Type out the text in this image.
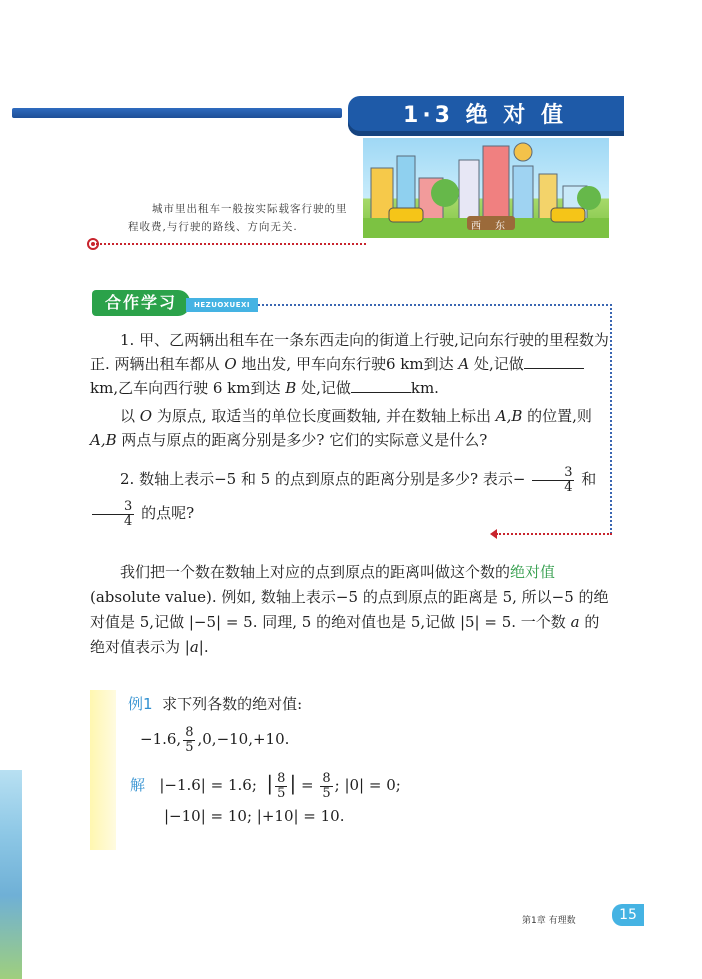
1·3 绝 对 值
西 东

城市里出租车一般按实际载客行驶的里程收费,与行驶的路线、方向无关.

合作学习	HEZUOXUEXI
1. 甲、乙两辆出租车在一条东西走向的街道上行驶,记向东行驶的里程数为正. 两辆出租车都从 O 地出发, 甲车向东行驶6 km到达 A 处,记做km,乙车向西行驶 6 km到达 B 处,记做	km.
以 O 为原点, 取适当的单位长度画数轴, 并在数轴上标出 A,B 的位置,则 A,B 两点与原点的距离分别是多少? 它们的实际意义是什么?
2. 数轴上表示−5 和 5 的点到原点的距离分别是多少? 表示− $\frac{3}{4}$ 和
$\frac{3}{4}$ 的点呢?
我们把一个数在数轴上对应的点到原点的距离叫做这个数的绝对值 (absolute value). 例如, 数轴上表示−5 的点到原点的距离是 5, 所以−5 的绝对值是 5,记做 |−5| = 5. 同理, 5 的绝对值也是 5,记做 |5| = 5. 一个数 a 的绝对值表示为 |a|.
例1 求下列各数的绝对值:
−1.6, $\frac{8}{5} ,0,-10,+10$.
解 |−1.6| = 1.6; | $\frac{8}{5}$ | = $\frac{8}{5}$ ; |0| = 0;
|−10| = 10; |+10| = 10.
第1章 有理数	15
